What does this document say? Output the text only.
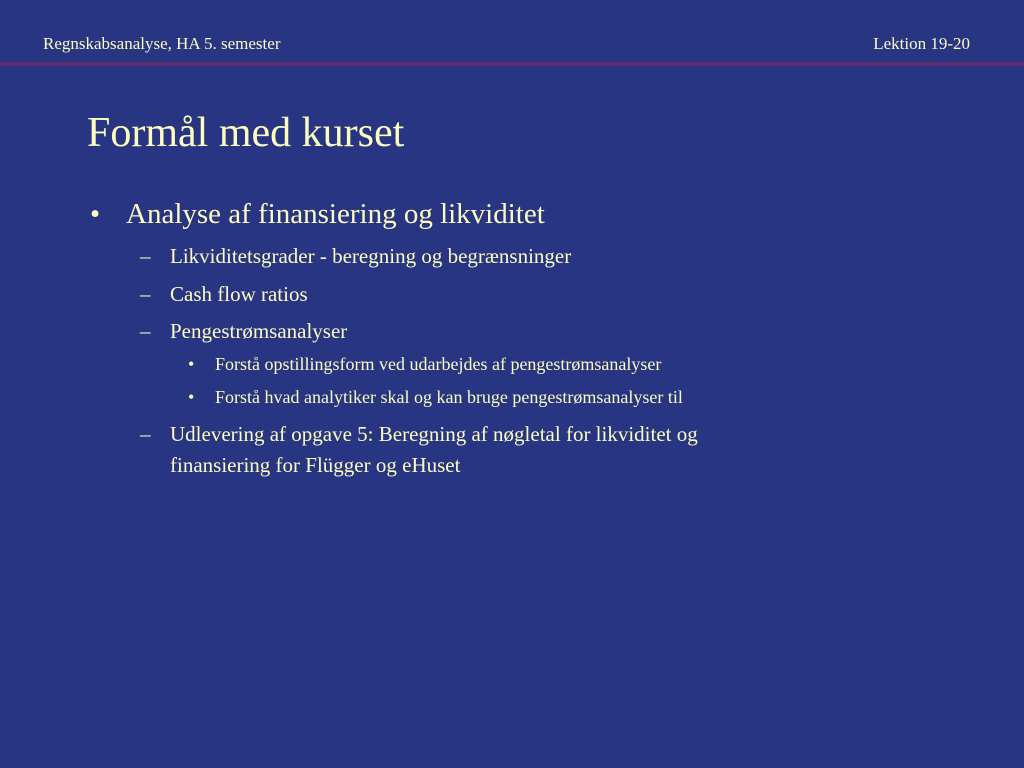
Regnskabsanalyse, HA 5. semester	Lektion 19-20
Formål med kurset
• Analyse af finansiering og likviditet
– Likviditetsgrader - beregning og begrænsninger
– Cash flow ratios
– Pengestrømsanalyser
• Forstå opstillingsform ved udarbejdes af pengestrømsanalyser
• Forstå hvad analytiker skal og kan bruge pengestrømsanalyser til
– Udlevering af opgave 5: Beregning af nøgletal for likviditet og
finansiering for Flügger og eHuset
